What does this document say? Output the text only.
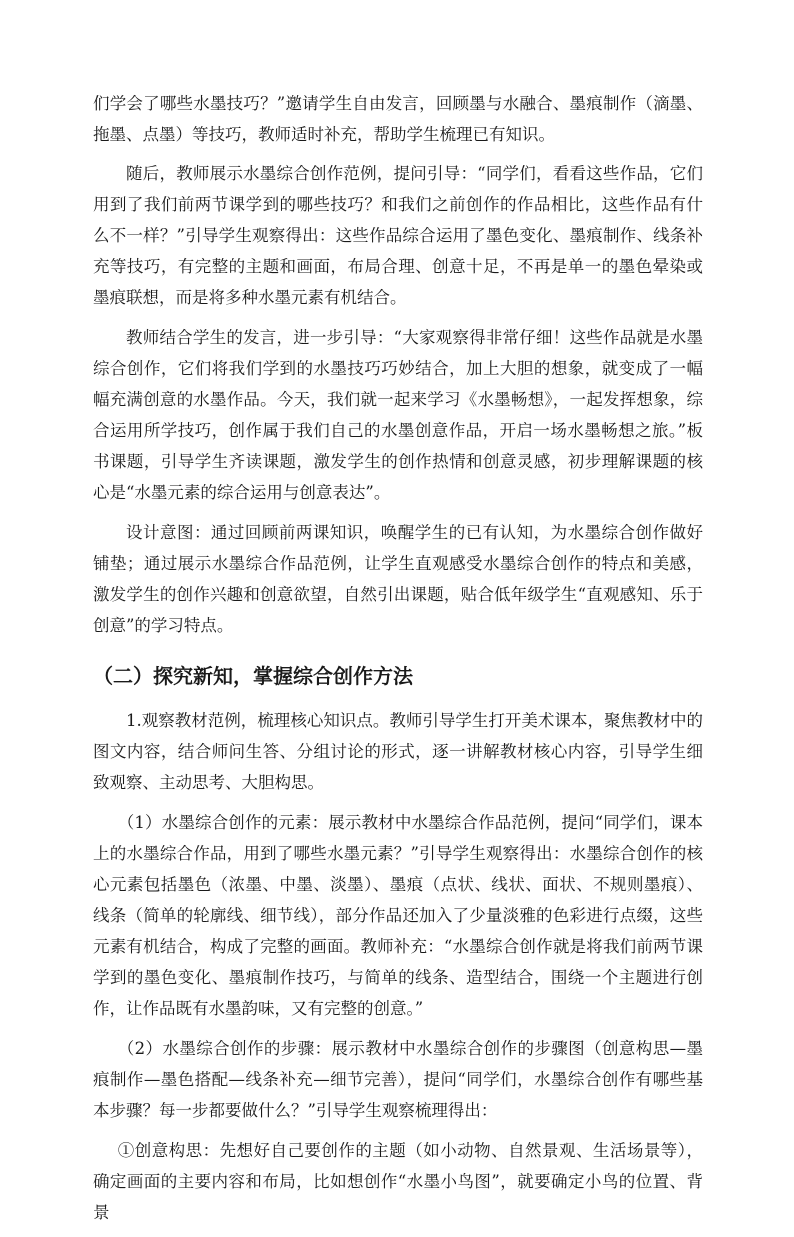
们学会了哪些水墨技巧？”邀请学生自由发言，回顾墨与水融合、墨痕制作（滴墨、拖墨、点墨）等技巧，教师适时补充，帮助学生梳理已有知识。

随后，教师展示水墨综合创作范例，提问引导：“同学们，看看这些作品，它们用到了我们前两节课学到的哪些技巧？和我们之前创作的作品相比，这些作品有什么不一样？”引导学生观察得出：这些作品综合运用了墨色变化、墨痕制作、线条补充等技巧，有完整的主题和画面，布局合理、创意十足，不再是单一的墨色晕染或墨痕联想，而是将多种水墨元素有机结合。

教师结合学生的发言，进一步引导：“大家观察得非常仔细！这些作品就是水墨综合创作，它们将我们学到的水墨技巧巧妙结合，加上大胆的想象，就变成了一幅幅充满创意的水墨作品。今天，我们就一起来学习《水墨畅想》，一起发挥想象，综合运用所学技巧，创作属于我们自己的水墨创意作品，开启一场水墨畅想之旅。”板书课题，引导学生齐读课题，激发学生的创作热情和创意灵感，初步理解课题的核心是“水墨元素的综合运用与创意表达”。

设计意图：通过回顾前两课知识，唤醒学生的已有认知，为水墨综合创作做好铺垫；通过展示水墨综合作品范例，让学生直观感受水墨综合创作的特点和美感，激发学生的创作兴趣和创意欲望，自然引出课题，贴合低年级学生“直观感知、乐于创意”的学习特点。

（二）探究新知，掌握综合创作方法

1.观察教材范例，梳理核心知识点。教师引导学生打开美术课本，聚焦教材中的图文内容，结合师问生答、分组讨论的形式，逐一讲解教材核心内容，引导学生细致观察、主动思考、大胆构思。

（1）水墨综合创作的元素：展示教材中水墨综合作品范例，提问“同学们，课本上的水墨综合作品，用到了哪些水墨元素？”引导学生观察得出：水墨综合创作的核心元素包括墨色（浓墨、中墨、淡墨）、墨痕（点状、线状、面状、不规则墨痕）、线条（简单的轮廓线、细节线），部分作品还加入了少量淡雅的色彩进行点缀，这些元素有机结合，构成了完整的画面。教师补充：“水墨综合创作就是将我们前两节课学到的墨色变化、墨痕制作技巧，与简单的线条、造型结合，围绕一个主题进行创作，让作品既有水墨韵味，又有完整的创意。”

（2）水墨综合创作的步骤：展示教材中水墨综合创作的步骤图（创意构思—墨痕制作—墨色搭配—线条补充—细节完善），提问“同学们，水墨综合创作有哪些基本步骤？每一步都要做什么？”引导学生观察梳理得出：

①创意构思：先想好自己要创作的主题（如小动物、自然景观、生活场景等），确定画面的主要内容和布局，比如想创作“水墨小鸟图”，就要确定小鸟的位置、背景
